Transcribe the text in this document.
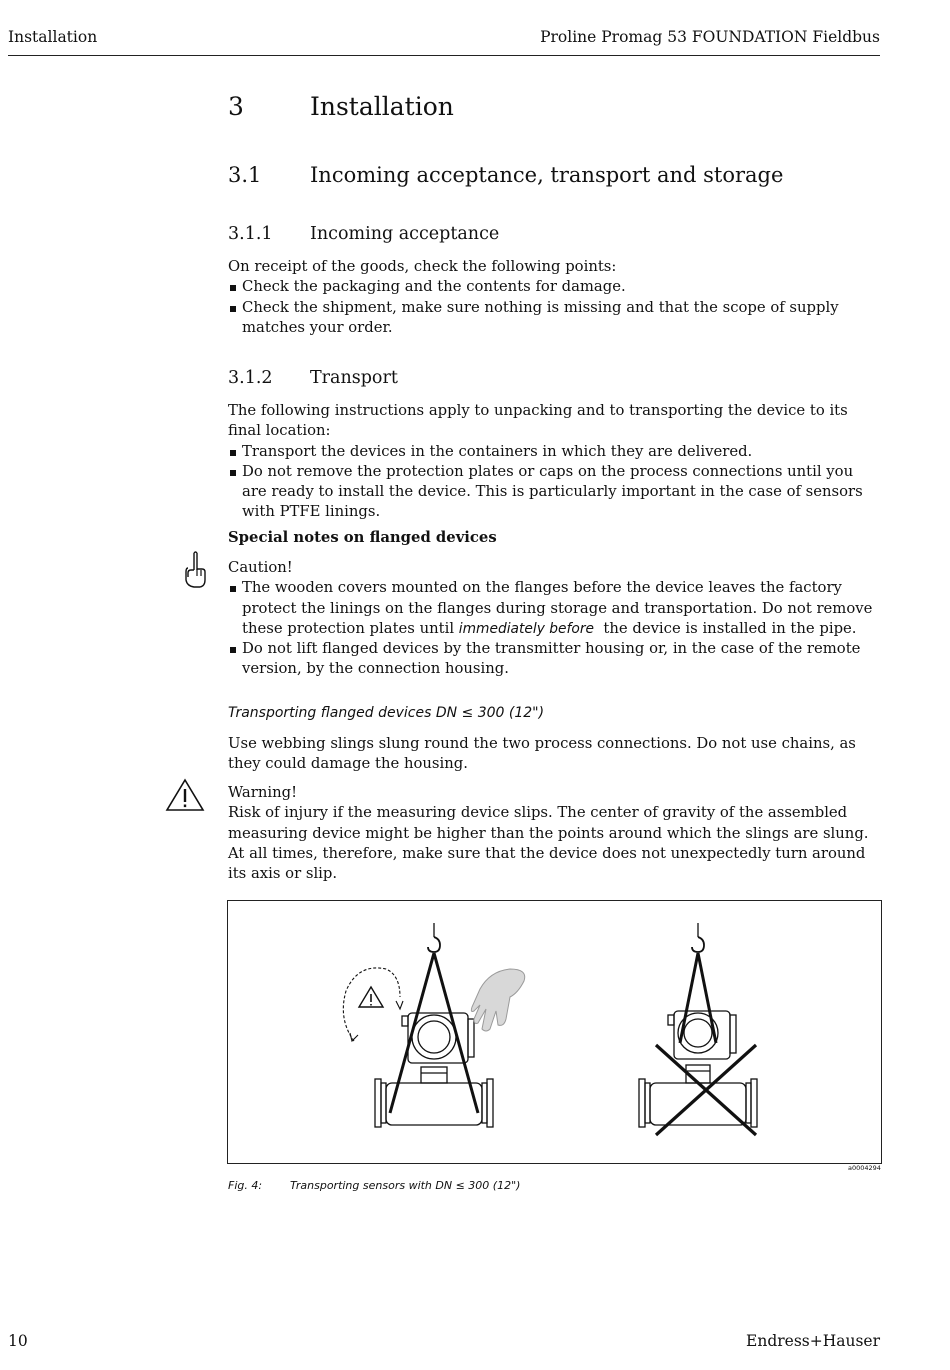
Installation	Proline Promag 53 FOUNDATION Fieldbus
3	Installation
3.1 Incoming acceptance, transport and storage
3.1.1 Incoming acceptance

On receipt of the goods, check the following points:

Check the packaging and the contents for damage.
Check the shipment, make sure nothing is missing and that the scope of supply matches your order.
3.1.2 Transport

The following instructions apply to unpacking and to transporting the device to its final location:

Transport the devices in the containers in which they are delivered.
Do not remove the protection plates or caps on the process connections until you are ready to install the device. This is particularly important in the case of sensors with PTFE linings.
Special notes on flanged devices

Caution!

The wooden covers mounted on the flanges before the device leaves the factory protect the linings on the flanges during storage and transportation. Do not remove these protection plates until immediately before  the device is installed in the pipe.
Do not lift flanged devices by the transmitter housing or, in the case of the remote version, by the connection housing.
Transporting flanged devices DN ≤ 300 (12")
Use webbing slings slung round the two process connections. Do not use chains, as they could damage the housing.

Warning!

Risk of injury if the measuring device slips. The center of gravity of the assembled measuring device might be higher than the points around which the slings are slung.

At all times, therefore, make sure that the device does not unexpectedly turn around its axis or slip.

a0004294
Fig. 4:	Transporting sensors with DN ≤ 300 (12")
10	Endress+Hauser
